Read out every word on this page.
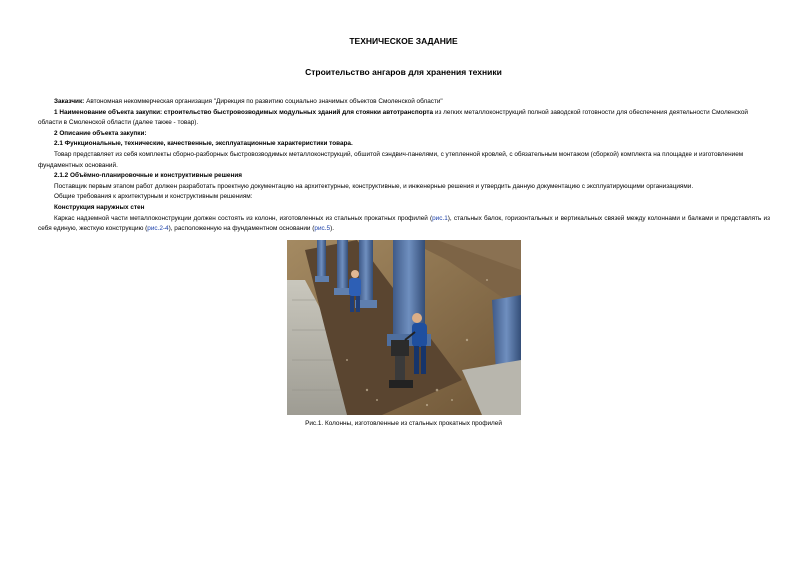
ТЕХНИЧЕСКОЕ ЗАДАНИЕ
Строительство ангаров для хранения техники

Заказчик: Автономная некоммерческая организация "Дирекция по развитию социально значимых объектов Смоленской области"

1 Наименование объекта закупки: строительство быстровозводимых модульных зданий для стоянки автотранспорта из легких металлоконструкций полной заводской готовности для обеспечения деятельности Смоленской области в Смоленской области (далее также - товар).

2 Описание объекта закупки:

2.1 Функциональные, технические, качественные, эксплуатационные характеристики товара.

Товар представляет из себя комплекты сборно-разборных быстровозводимых металлоконструкций, обшитой сэндвич-панелями, с утепленной кровлей, с обязательным монтажом (сборкой) комплекта на площадке и изготовлением фундаментных оснований.

2.1.2 Объёмно-планировочные и конструктивные решения

Поставщик первым этапом работ должен разработать проектную документацию на архитектурные, конструктивные, и инженерные решения и утвердить данную документацию с эксплуатирующими организациями.

Общие требования к архитектурным и конструктивным решениям:

Конструкция наружных стен

Каркас надземной части металлоконструкции должен состоять из колонн, изготовленных из стальных прокатных профилей (рис.1), стальных балок, горизонтальных и вертикальных связей между колоннами и балками и представлять из себя единую, жесткую конструкцию (рис.2-4), расположенную на фундаментном основании (рис.5).

Рис.1. Колонны, изготовленные из стальных прокатных профилей
